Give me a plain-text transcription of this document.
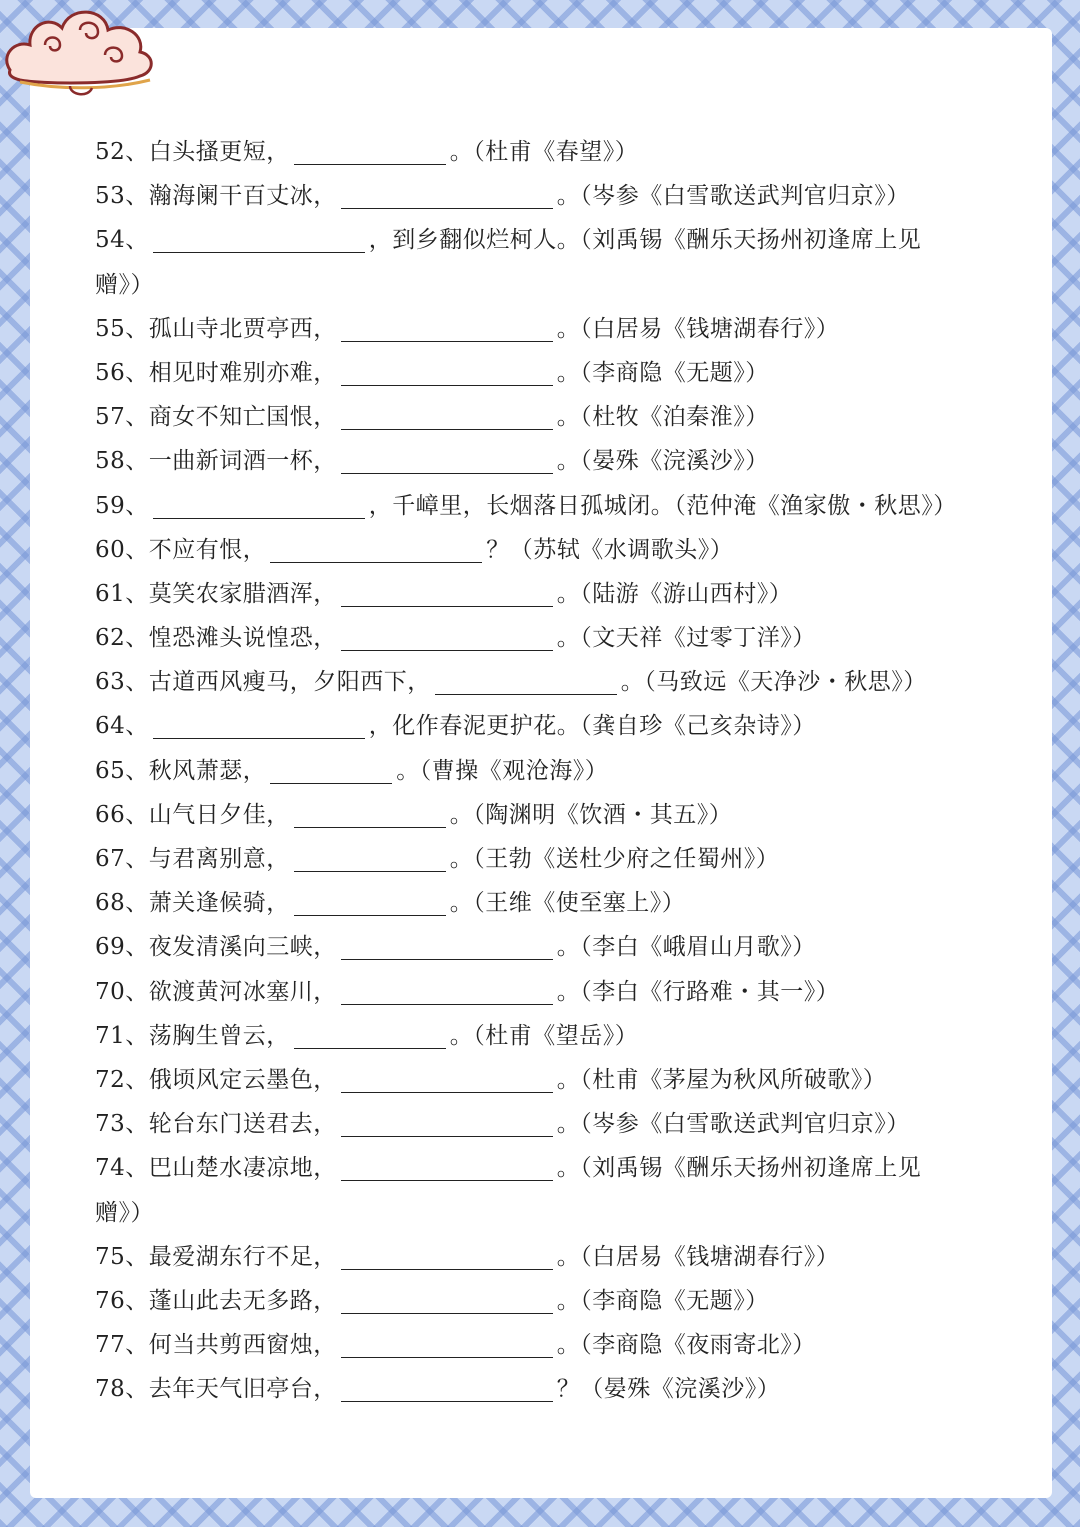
52、白头搔更短，	。（杜甫《春望》）
53、瀚海阑干百丈冰，	。（岑参《白雪歌送武判官归京》）
54、	，到乡翻似烂柯人。（刘禹锡《酬乐天扬州初逢席上见
赠》）
55、孤山寺北贾亭西，	。（白居易《钱塘湖春行》）
56、相见时难别亦难，	。（李商隐《无题》）
57、商女不知亡国恨，	。（杜牧《泊秦淮》）
58、一曲新词酒一杯，	。（晏殊《浣溪沙》）
59、	，千嶂里，长烟落日孤城闭。（范仲淹《渔家傲・秋思》）
60、不应有恨，	？（苏轼《水调歌头》）
61、莫笑农家腊酒浑，	。（陆游《游山西村》）
62、惶恐滩头说惶恐，	。（文天祥《过零丁洋》）
63、古道西风瘦马，夕阳西下，	。（马致远《天净沙・秋思》）
64、	，化作春泥更护花。（龚自珍《己亥杂诗》）
65、秋风萧瑟，	。（曹操《观沧海》）
66、山气日夕佳，	。（陶渊明《饮酒・其五》）
67、与君离别意，	。（王勃《送杜少府之任蜀州》）
68、萧关逢候骑，	。（王维《使至塞上》）
69、夜发清溪向三峡，	。（李白《峨眉山月歌》）
70、欲渡黄河冰塞川，	。（李白《行路难・其一》）
71、荡胸生曾云，	。（杜甫《望岳》）
72、俄顷风定云墨色，	。（杜甫《茅屋为秋风所破歌》）
73、轮台东门送君去，	。（岑参《白雪歌送武判官归京》）
74、巴山楚水凄凉地，	。（刘禹锡《酬乐天扬州初逢席上见
赠》）
75、最爱湖东行不足，	。（白居易《钱塘湖春行》）
76、蓬山此去无多路，	。（李商隐《无题》）
77、何当共剪西窗烛，	。（李商隐《夜雨寄北》）
78、去年天气旧亭台，	？（晏殊《浣溪沙》）
